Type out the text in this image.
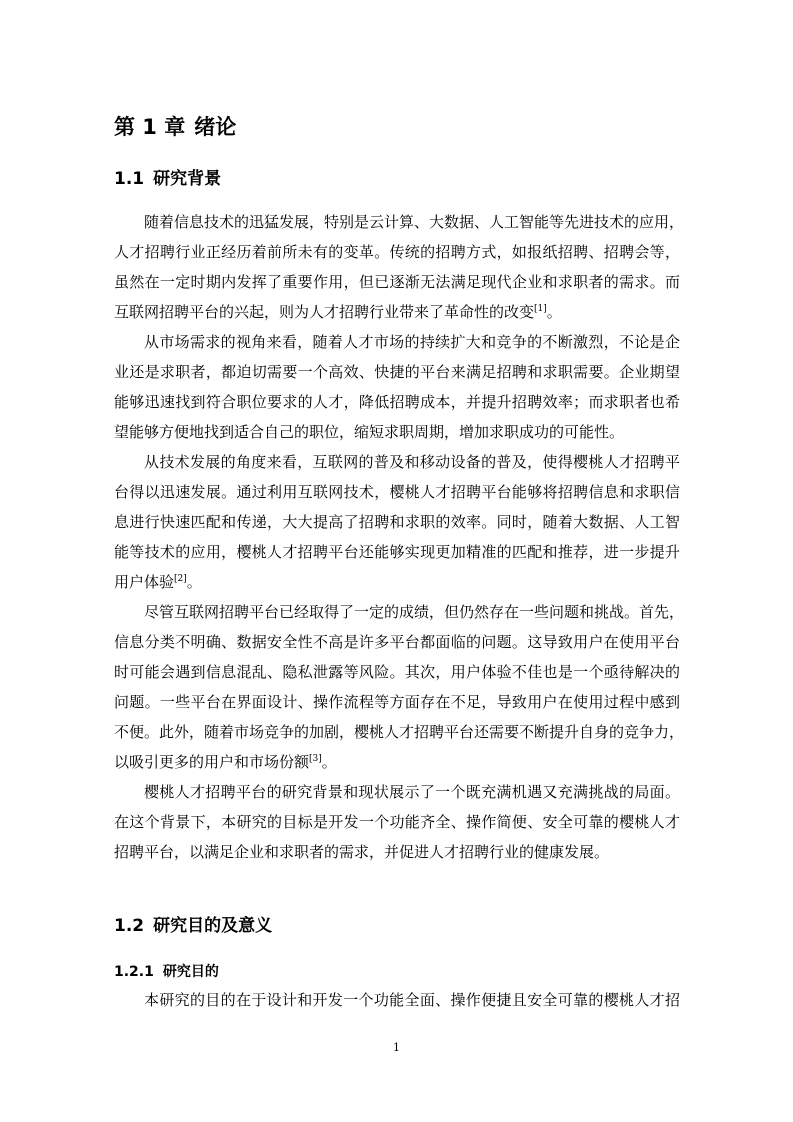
第 1 章 绪论
1.1 研究背景

随着信息技术的迅猛发展，特别是云计算、大数据、人工智能等先进技术的应用，
人才招聘行业正经历着前所未有的变革。传统的招聘方式，如报纸招聘、招聘会等，
虽然在一定时期内发挥了重要作用，但已逐渐无法满足现代企业和求职者的需求。而
互联网招聘平台的兴起，则为人才招聘行业带来了革命性的改变[1]。

从市场需求的视角来看，随着人才市场的持续扩大和竞争的不断激烈，不论是企
业还是求职者，都迫切需要一个高效、快捷的平台来满足招聘和求职需要。企业期望
能够迅速找到符合职位要求的人才，降低招聘成本，并提升招聘效率；而求职者也希
望能够方便地找到适合自己的职位，缩短求职周期，增加求职成功的可能性。

从技术发展的角度来看，互联网的普及和移动设备的普及，使得樱桃人才招聘平
台得以迅速发展。通过利用互联网技术，樱桃人才招聘平台能够将招聘信息和求职信
息进行快速匹配和传递，大大提高了招聘和求职的效率。同时，随着大数据、人工智
能等技术的应用，樱桃人才招聘平台还能够实现更加精准的匹配和推荐，进一步提升
用户体验[2]。

尽管互联网招聘平台已经取得了一定的成绩，但仍然存在一些问题和挑战。首先，
信息分类不明确、数据安全性不高是许多平台都面临的问题。这导致用户在使用平台
时可能会遇到信息混乱、隐私泄露等风险。其次，用户体验不佳也是一个亟待解决的
问题。一些平台在界面设计、操作流程等方面存在不足，导致用户在使用过程中感到
不便。此外，随着市场竞争的加剧，樱桃人才招聘平台还需要不断提升自身的竞争力，
以吸引更多的用户和市场份额[3]。

樱桃人才招聘平台的研究背景和现状展示了一个既充满机遇又充满挑战的局面。
在这个背景下，本研究的目标是开发一个功能齐全、操作简便、安全可靠的樱桃人才
招聘平台，以满足企业和求职者的需求，并促进人才招聘行业的健康发展。

1.2 研究目的及意义
1.2.1 研究目的

本研究的目的在于设计和开发一个功能全面、操作便捷且安全可靠的樱桃人才招

1
